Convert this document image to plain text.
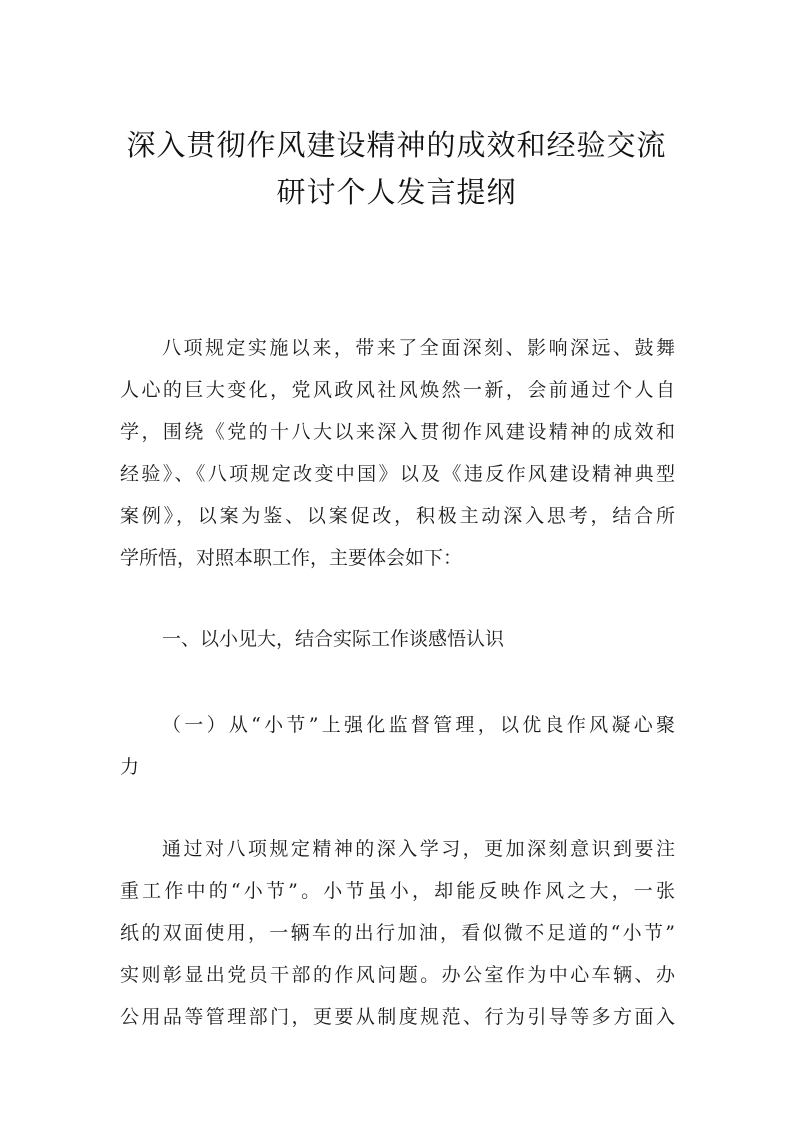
深入贯彻作风建设精神的成效和经验交流
研讨个人发言提纲
八项规定实施以来，带来了全面深刻、影响深远、鼓舞
人心的巨大变化，党风政风社风焕然一新，会前通过个人自
学，围绕《党的十八大以来深入贯彻作风建设精神的成效和
经验》、《八项规定改变中国》以及《违反作风建设精神典型
案例》，以案为鉴、以案促改，积极主动深入思考，结合所
学所悟，对照本职工作，主要体会如下：
一、以小见大，结合实际工作谈感悟认识
（一）从“小节”上强化监督管理，以优良作风凝心聚
力
通过对八项规定精神的深入学习，更加深刻意识到要注
重工作中的“小节”。小节虽小，却能反映作风之大，一张
纸的双面使用，一辆车的出行加油，看似微不足道的“小节”
实则彰显出党员干部的作风问题。办公室作为中心车辆、办
公用品等管理部门，更要从制度规范、行为引导等多方面入
